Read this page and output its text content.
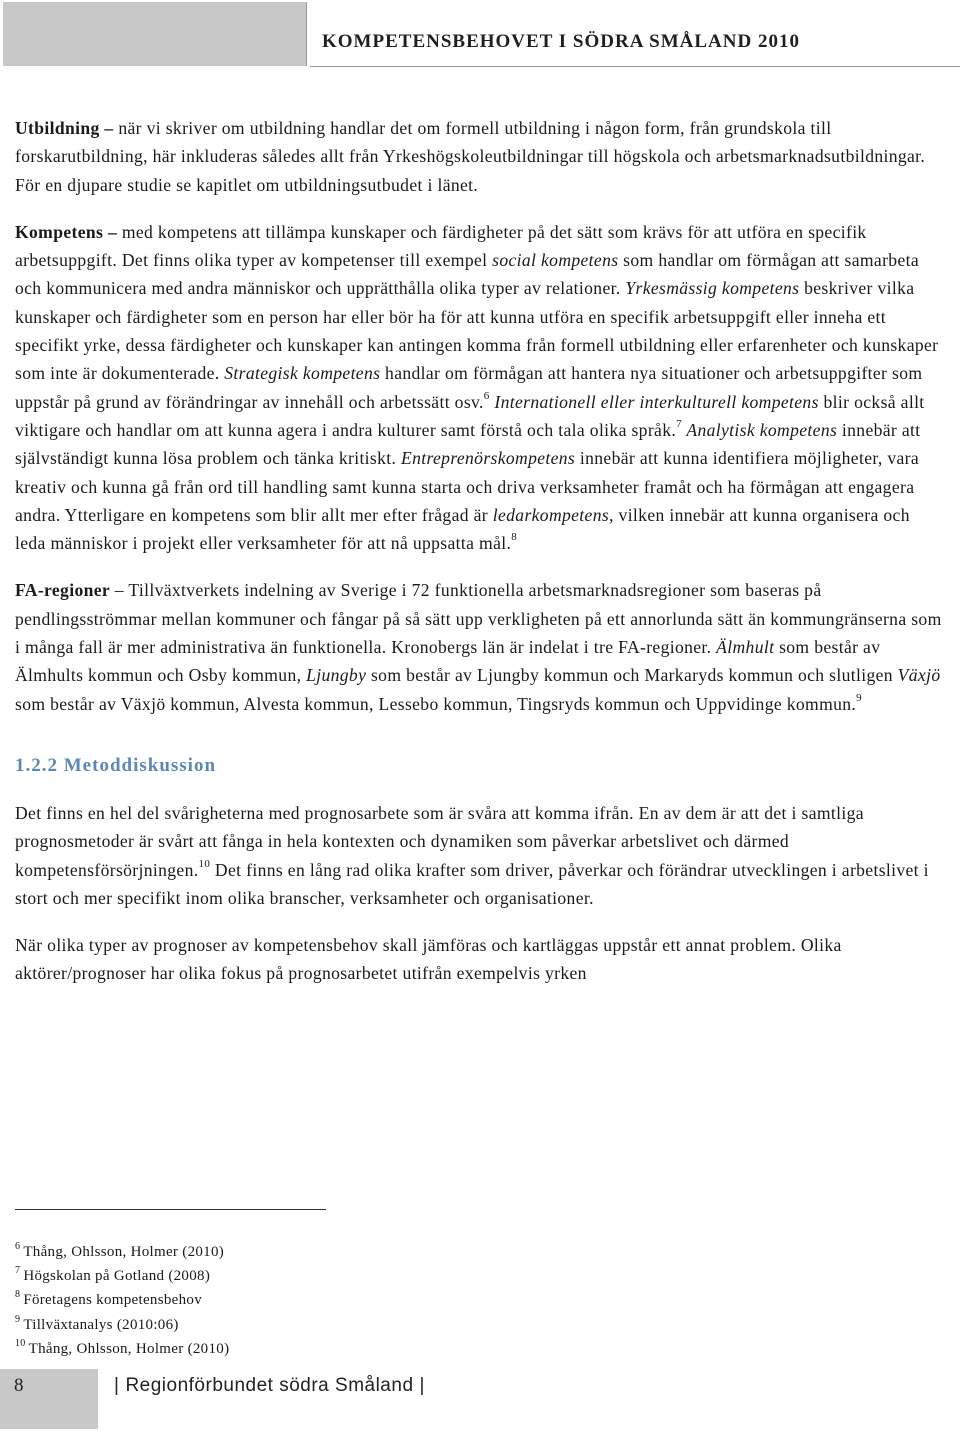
KOMPETENSBEHOVET I SÖDRA SMÅLAND 2010

Utbildning – när vi skriver om utbildning handlar det om formell utbildning i någon form, från grundskola till forskarutbildning, här inkluderas således allt från Yrkeshögskoleutbildningar till högskola och arbetsmarknadsutbildningar. För en djupare studie se kapitlet om utbildningsutbudet i länet.

Kompetens – med kompetens att tillämpa kunskaper och färdigheter på det sätt som krävs för att utföra en specifik arbetsuppgift. Det finns olika typer av kompetenser till exempel social kompetens som handlar om förmågan att samarbeta och kommunicera med andra människor och upprätthålla olika typer av relationer. Yrkesmässig kompetens beskriver vilka kunskaper och färdigheter som en person har eller bör ha för att kunna utföra en specifik arbetsuppgift eller inneha ett specifikt yrke, dessa färdigheter och kunskaper kan antingen komma från formell utbildning eller erfarenheter och kunskaper som inte är dokumenterade. Strategisk kompetens handlar om förmågan att hantera nya situationer och arbetsuppgifter som uppstår på grund av förändringar av innehåll och arbetssätt osv.$^6$ Internationell eller interkulturell kompetens blir också allt viktigare och handlar om att kunna agera i andra kulturer samt förstå och tala olika språk.$^7$ Analytisk kompetens innebär att självständigt kunna lösa problem och tänka kritiskt. Entreprenörskompetens innebär att kunna identifiera möjligheter, vara kreativ och kunna gå från ord till handling samt kunna starta och driva verksamheter framåt och ha förmågan att engagera andra. Ytterligare en kompetens som blir allt mer efter frågad är ledarkompetens, vilken innebär att kunna organisera och leda människor i projekt eller verksamheter för att nå uppsatta mål.$^8$

FA-regioner – Tillväxtverkets indelning av Sverige i 72 funktionella arbetsmarknadsregioner som baseras på pendlingsströmmar mellan kommuner och fångar på så sätt upp verkligheten på ett annorlunda sätt än kommungränserna som i många fall är mer administrativa än funktionella. Kronobergs län är indelat i tre FA-regioner. Älmhult som består av Älmhults kommun och Osby kommun, Ljungby som består av Ljungby kommun och Markaryds kommun och slutligen Växjö som består av Växjö kommun, Alvesta kommun, Lessebo kommun, Tingsryds kommun och Uppvidinge kommun.$^9$

1.2.2 Metoddiskussion

Det finns en hel del svårigheterna med prognosarbete som är svåra att komma ifrån. En av dem är att det i samtliga prognosmetoder är svårt att fånga in hela kontexten och dynamiken som påverkar arbetslivet och därmed kompetensförsörjningen.$^{10}$ Det finns en lång rad olika krafter som driver, påverkar och förändrar utvecklingen i arbetslivet i stort och mer specifikt inom olika branscher, verksamheter och organisationer.

När olika typer av prognoser av kompetensbehov skall jämföras och kartläggas uppstår ett annat problem. Olika aktörer/prognoser har olika fokus på prognosarbetet utifrån exempelvis yrken

$^6$ Thång, Ohlsson, Holmer (2010)
$^7$ Högskolan på Gotland (2008)
$^8$ Företagens kompetensbehov
$^9$ Tillväxtanalys (2010:06)
$^{10}$ Thång, Ohlsson, Holmer (2010)
8	| Regionförbundet södra Småland |
